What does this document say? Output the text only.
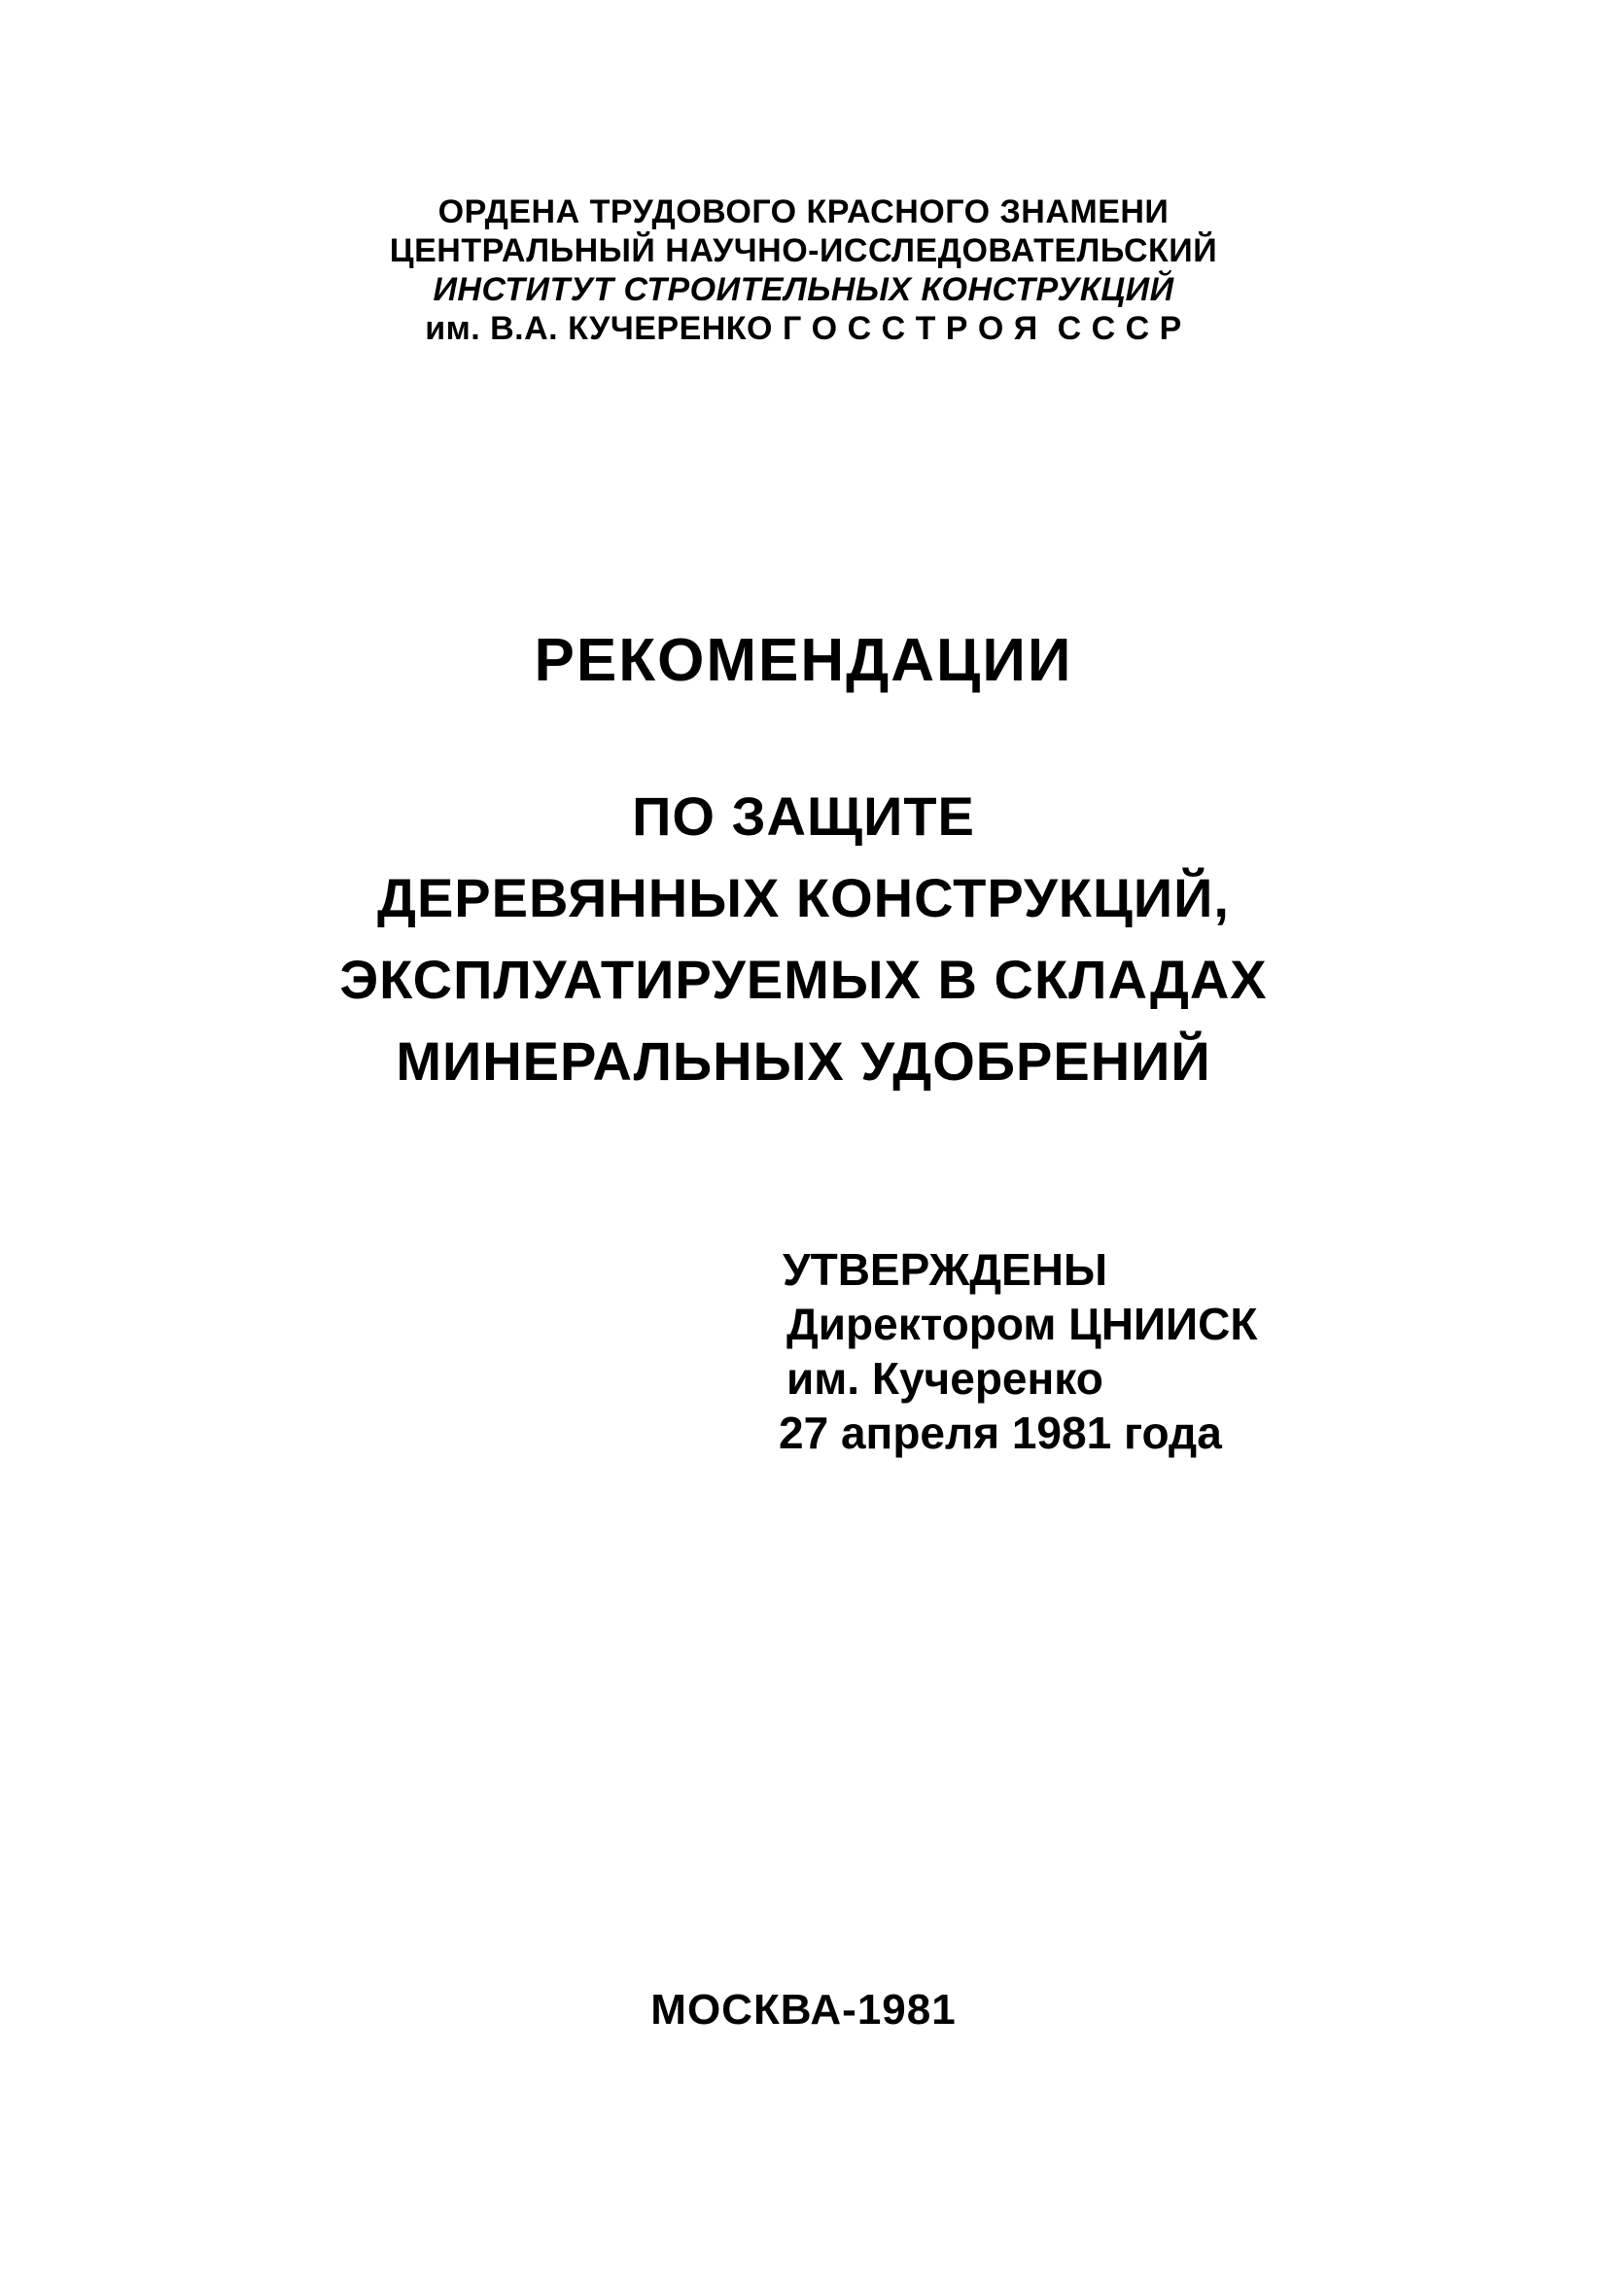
ОРДЕНА ТРУДОВОГО КРАСНОГО ЗНАМЕНИ
ЦЕНТРАЛЬНЫЙ НАУЧНО-ИССЛЕДОВАТЕЛЬСКИЙ
ИНСТИТУТ СТРОИТЕЛЬНЫХ КОНСТРУКЦИЙ
им. В.А. КУЧЕРЕНКО Г О С С Т Р О Я  С С С Р
РЕКОМЕНДАЦИИ
ПО ЗАЩИТЕ
ДЕРЕВЯННЫХ КОНСТРУКЦИЙ,
ЭКСПЛУАТИРУЕМЫХ В СКЛАДАХ
МИНЕРАЛЬНЫХ УДОБРЕНИЙ
УТВЕРЖДЕНЫ
Директором ЦНИИСК
им. Кучеренко
27 апреля 1981 года
МОСКВА-1981
